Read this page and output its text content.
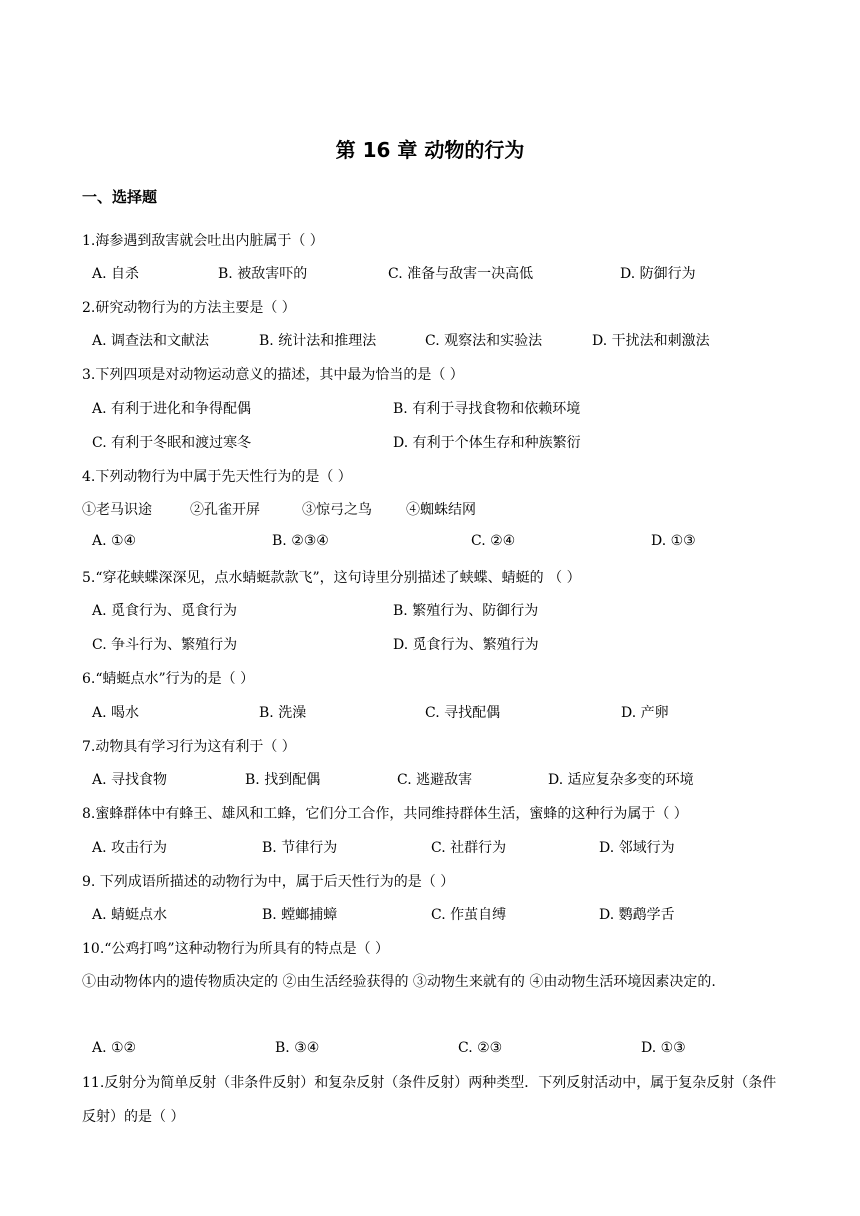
第 16 章 动物的行为
一、选择题
1.海参遇到敌害就会吐出内脏属于（ ）
A. 自杀	B. 被敌害吓的	C. 准备与敌害一决高低	D. 防御行为
2.研究动物行为的方法主要是（ ）
A. 调查法和文献法	B. 统计法和推理法	C. 观察法和实验法	D. 干扰法和刺激法
3.下列四项是对动物运动意义的描述，其中最为恰当的是（ ）
A. 有利于进化和争得配偶	B. 有利于寻找食物和依赖环境
C. 有利于冬眠和渡过寒冬	D. 有利于个体生存和种族繁衍
4.下列动物行为中属于先天性行为的是（ ）
①老马识途	②孔雀开屏	③惊弓之鸟 ④蜘蛛结网
A. ①④	B. ②③④	C. ②④	D. ①③
5.“穿花蛱蝶深深见，点水蜻蜓款款飞”，这句诗里分别描述了蛱蝶、蜻蜓的 （ ）
A. 觅食行为、觅食行为	B. 繁殖行为、防御行为
C. 争斗行为、繁殖行为	D. 觅食行为、繁殖行为
6.“蜻蜓点水”行为的是（ ）
A. 喝水	B. 洗澡	C. 寻找配偶	D. 产卵
7.动物具有学习行为这有利于（ ）
A. 寻找食物	B. 找到配偶	C. 逃避敌害	D. 适应复杂多变的环境
8.蜜蜂群体中有蜂王、雄风和工蜂，它们分工合作，共同维持群体生活，蜜蜂的这种行为属于（ ）
A. 攻击行为	B. 节律行为	C. 社群行为	D. 邻域行为
9. 下列成语所描述的动物行为中，属于后天性行为的是（ ）
A. 蜻蜓点水	B. 螳螂捕蟑	C. 作茧自缚	D. 鹦鹉学舌
10.“公鸡打鸣”这种动物行为所具有的特点是（ ）
①由动物体内的遗传物质决定的 ②由生活经验获得的 ③动物生来就有的 ④由动物生活环境因素决定的.
A. ①②	B. ③④	C. ②③	D. ①③
11.反射分为简单反射（非条件反射）和复杂反射（条件反射）两种类型．下列反射活动中，属于复杂反射（条件反射）的是（ ）
